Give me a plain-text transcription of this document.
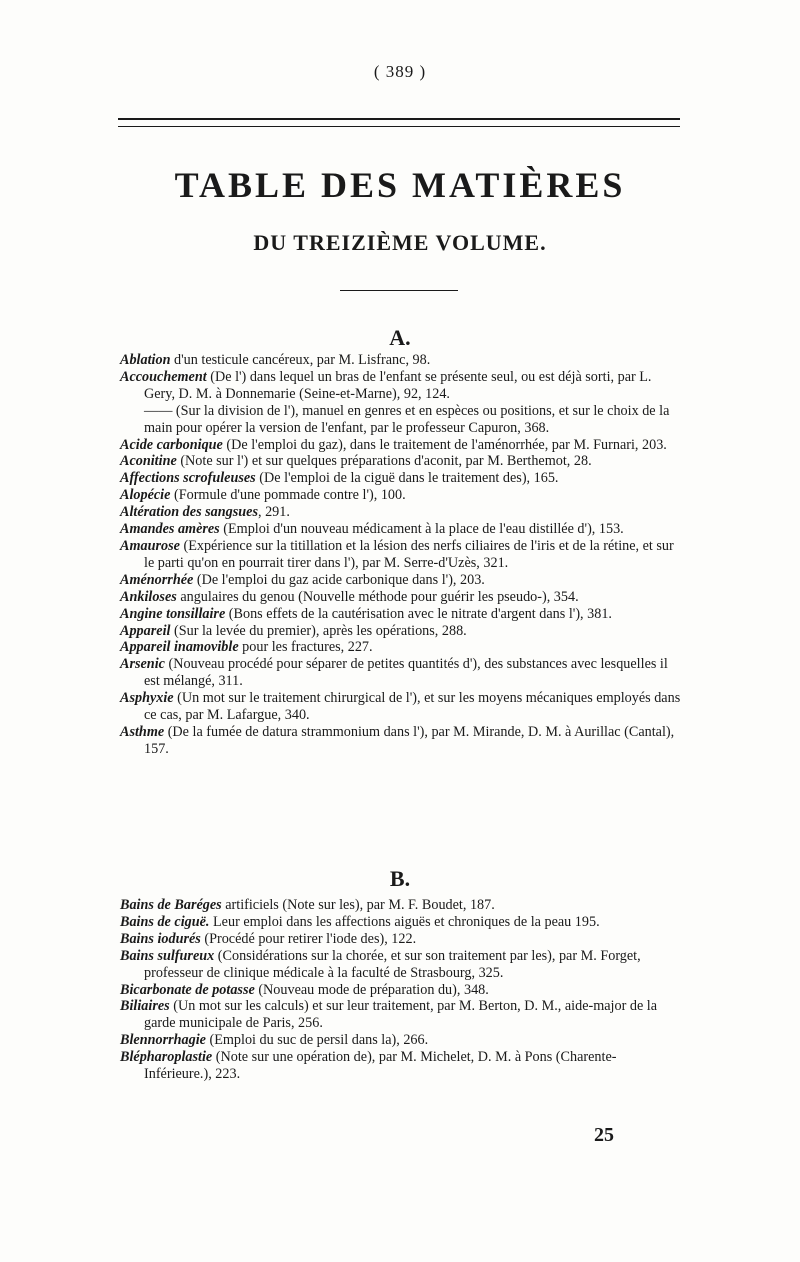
( 389 )
TABLE DES MATIÈRES
DU TREIZIÈME VOLUME.
A.
Ablation d'un testicule cancéreux, par M. Lisfranc, 98.
Accouchement (De l') dans lequel un bras de l'enfant se présente seul, ou est déjà sorti, par L. Gery, D. M. à Donnemarie (Seine-et-Marne), 92, 124.
—— (Sur la division de l'), manuel en genres et en espèces ou positions, et sur le choix de la main pour opérer la version de l'enfant, par le professeur Capuron, 368.
Acide carbonique (De l'emploi du gaz), dans le traitement de l'aménorrhée, par M. Furnari, 203.
Aconitine (Note sur l') et sur quelques préparations d'aconit, par M. Berthemot, 28.
Affections scrofuleuses (De l'emploi de la ciguë dans le traitement des), 165.
Alopécie (Formule d'une pommade contre l'), 100.
Altération des sangsues, 291.
Amandes amères (Emploi d'un nouveau médicament à la place de l'eau distillée d'), 153.
Amaurose (Expérience sur la titillation et la lésion des nerfs ciliaires de l'iris et de la rétine, et sur le parti qu'on en pourrait tirer dans l'), par M. Serre-d'Uzès, 321.
Aménorrhée (De l'emploi du gaz acide carbonique dans l'), 203.
Ankiloses angulaires du genou (Nouvelle méthode pour guérir les pseudo-), 354.
Angine tonsillaire (Bons effets de la cautérisation avec le nitrate d'argent dans l'), 381.
Appareil (Sur la levée du premier), après les opérations, 288.
Appareil inamovible pour les fractures, 227.
Arsenic (Nouveau procédé pour séparer de petites quantités d'), des substances avec lesquelles il est mélangé, 311.
Asphyxie (Un mot sur le traitement chirurgical de l'), et sur les moyens mécaniques employés dans ce cas, par M. Lafargue, 340.
Asthme (De la fumée de datura strammonium dans l'), par M. Mirande, D. M. à Aurillac (Cantal), 157.
B.
Bains de Baréges artificiels (Note sur les), par M. F. Boudet, 187.
Bains de ciguë. Leur emploi dans les affections aiguës et chroniques de la peau 195.
Bains iodurés (Procédé pour retirer l'iode des), 122.
Bains sulfureux (Considérations sur la chorée, et sur son traitement par les), par M. Forget, professeur de clinique médicale à la faculté de Strasbourg, 325.
Bicarbonate de potasse (Nouveau mode de préparation du), 348.
Biliaires (Un mot sur les calculs) et sur leur traitement, par M. Berton, D. M., aide-major de la garde municipale de Paris, 256.
Blennorrhagie (Emploi du suc de persil dans la), 266.
Blépharoplastie (Note sur une opération de), par M. Michelet, D. M. à Pons (Charente-Inférieure.), 223.
25
